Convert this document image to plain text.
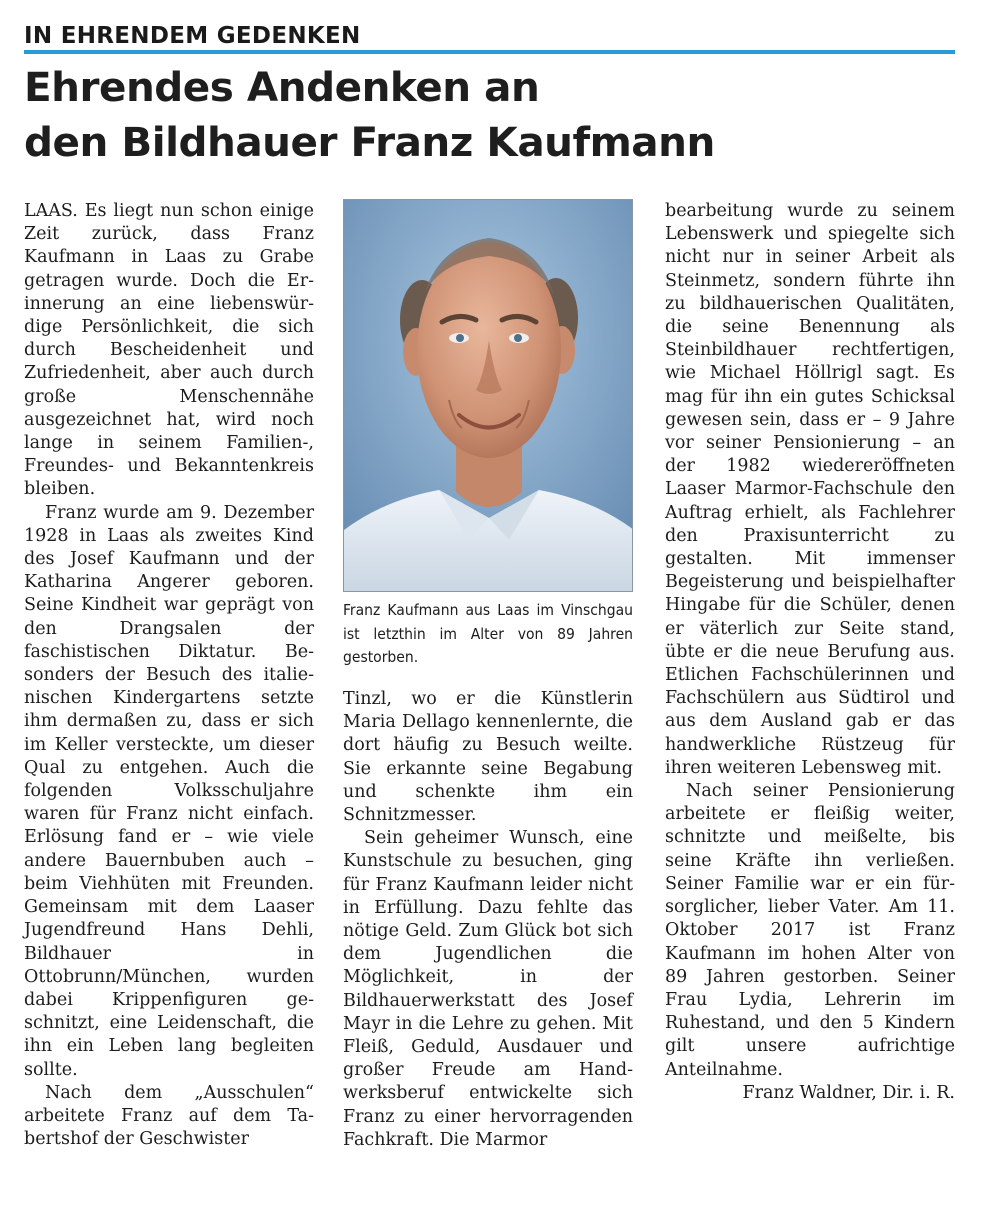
IN EHRENDEM GEDENKEN
Ehrendes Andenken an
den Bildhauer Franz Kaufmann

LAAS. Es liegt nun schon einige Zeit zurück, dass Franz Kaufmann in Laas zu Grabe getragen wurde. Doch die Erinnerung an eine liebenswürdige Persönlichkeit, die sich durch Bescheidenheit und Zufriedenheit, aber auch durch große Menschennähe ausgezeichnet hat, wird noch lange in seinem Familien-, Freundes- und Bekanntenkreis bleiben.

Franz wurde am 9. Dezember 1928 in Laas als zweites Kind des Josef Kaufmann und der Katharina Angerer geboren. Seine Kindheit war geprägt von den Drangsalen der faschistischen Diktatur. Besonders der Besuch des italienischen Kindergartens setzte ihm dermaßen zu, dass er sich im Keller versteckte, um dieser Qual zu entgehen. Auch die folgenden Volksschuljahre waren für Franz nicht einfach. Erlösung fand er – wie viele andere Bauernbuben auch – beim Viehhüten mit Freunden. Gemeinsam mit dem Laaser Jugendfreund Hans Dehli, Bildhauer in Ottobrunn/München, wurden dabei Krippenfiguren geschnitzt, eine Leidenschaft, die ihn ein Leben lang begleiten sollte.

Nach dem „Ausschulen“ arbeitete Franz auf dem Tabertshof der Geschwister

Franz Kaufmann aus Laas im Vinschgau ist letzthin im Alter von 89 Jahren gestorben.

Tinzl, wo er die Künstlerin Maria Dellago kennenlernte, die dort häufig zu Besuch weilte. Sie erkannte seine Begabung und schenkte ihm ein Schnitzmesser.

Sein geheimer Wunsch, eine Kunstschule zu besuchen, ging für Franz Kaufmann leider nicht in Erfüllung. Dazu fehlte das nötige Geld. Zum Glück bot sich dem Jugendlichen die Möglichkeit, in der Bildhauerwerkstatt des Josef Mayr in die Lehre zu gehen. Mit Fleiß, Geduld, Ausdauer und großer Freude am Handwerksberuf entwickelte sich Franz zu einer hervorragenden Fachkraft. Die Marmor

bearbeitung wurde zu seinem Lebenswerk und spiegelte sich nicht nur in seiner Arbeit als Steinmetz, sondern führte ihn zu bildhauerischen Qualitäten, die seine Benennung als Steinbildhauer rechtfertigen, wie Michael Höllrigl sagt. Es mag für ihn ein gutes Schicksal gewesen sein, dass er – 9 Jahre vor seiner Pensionierung – an der 1982 wiedereröffneten Laaser Marmor-Fachschule den Auftrag erhielt, als Fachlehrer den Praxisunterricht zu gestalten. Mit immenser Begeisterung und beispielhafter Hingabe für die Schüler, denen er väterlich zur Seite stand, übte er die neue Berufung aus. Etlichen Fachschülerinnen und Fachschülern aus Südtirol und aus dem Ausland gab er das handwerkliche Rüstzeug für ihren weiteren Lebensweg mit.

Nach seiner Pensionierung arbeitete er fleißig weiter, schnitzte und meißelte, bis seine Kräfte ihn verließen. Seiner Familie war er ein fürsorglicher, lieber Vater. Am 11. Oktober 2017 ist Franz Kaufmann im hohen Alter von 89 Jahren gestorben. Seiner Frau Lydia, Lehrerin im Ruhestand, und den 5 Kindern gilt unsere aufrichtige Anteilnahme.

Franz Waldner, Dir. i. R.
